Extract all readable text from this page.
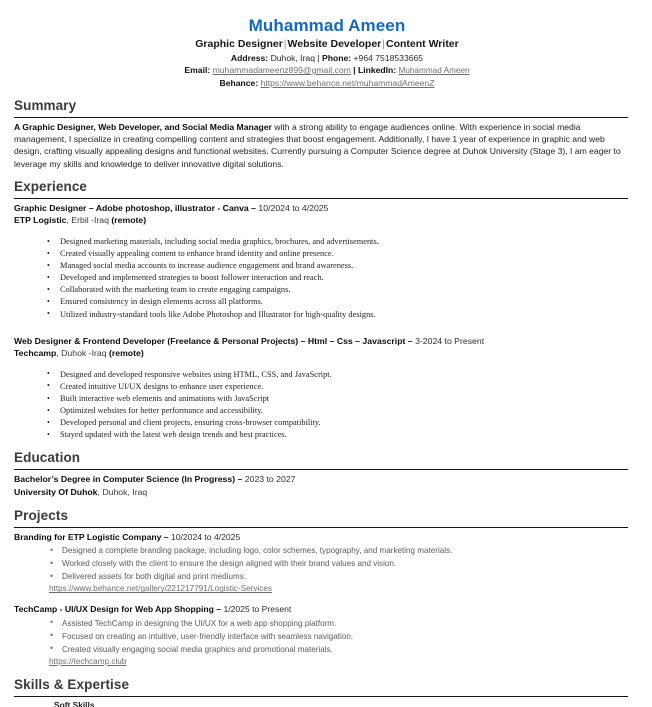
Muhammad Ameen
Graphic Designer|Website Developer|Content Writer
Address: Duhok, Iraq | Phone: +964 7518533665
Email: muhammadameenz899@gmail.com | LinkedIn: Muhammad Ameen
Behance: https://www.behance.net/muhammadAmeenZ
Summary

A Graphic Designer, Web Developer, and Social Media Manager with a strong ability to engage audiences online. With experience in social media management, I specialize in creating compelling content and strategies that boost engagement. Additionally, I have 1 year of experience in graphic and web design, crafting visually appealing designs and functional websites. Currently pursuing a Computer Science degree at Duhok University (Stage 3), I am eager to leverage my skills and knowledge to deliver innovative digital solutions.

Experience
Graphic Designer – Adobe photoshop, illustrator - Canva – 10/2024 to 4/2025
ETP Logistic, Erbil -Iraq (remote)
• Designed marketing materials, including social media graphics, brochures, and advertisements.
• Created visually appealing content to enhance brand identity and online presence.
• Managed social media accounts to increase audience engagement and brand awareness.
• Developed and implemented strategies to boost follower interaction and reach.
• Collaborated with the marketing team to create engaging campaigns.
• Ensured consistency in design elements across all platforms.
• Utilized industry-standard tools like Adobe Photoshop and Illustrator for high-quality designs.
Web Designer & Frontend Developer (Freelance & Personal Projects) – Html – Css – Javascript – 3-2024 to Present
Techcamp, Duhok -Iraq (remote)
• Designed and developed responsive websites using HTML, CSS, and JavaScript.
• Created intuitive UI/UX designs to enhance user experience.
• Built interactive web elements and animations with JavaScript
• Optimized websites for better performance and accessibility.
• Developed personal and client projects, ensuring cross-browser compatibility.
• Stayed updated with the latest web design trends and best practices.
Education
Bachelor’s Degree in Computer Science (In Progress) – 2023 to 2027
University Of Duhok, Duhok, Iraq
Projects
Branding for ETP Logistic Company – 10/2024 to 4/2025
• Designed a complete branding package, including logo, color schemes, typography, and marketing materials.
• Worked closely with the client to ensure the design aligned with their brand values and vision.
• Delivered assets for both digital and print mediums.
https://www.behance.net/gallery/221217791/Logistic-Services
TechCamp - UI/UX Design for Web App Shopping – 1/2025 to Present
• Assisted TechCamp in designing the UI/UX for a web app shopping platform.
• Focused on creating an intuitive, user-friendly interface with seamless navigation.
• Created visually engaging social media graphics and promotional materials.
https://techcamp.club
Skills & Expertise
Soft Skills
